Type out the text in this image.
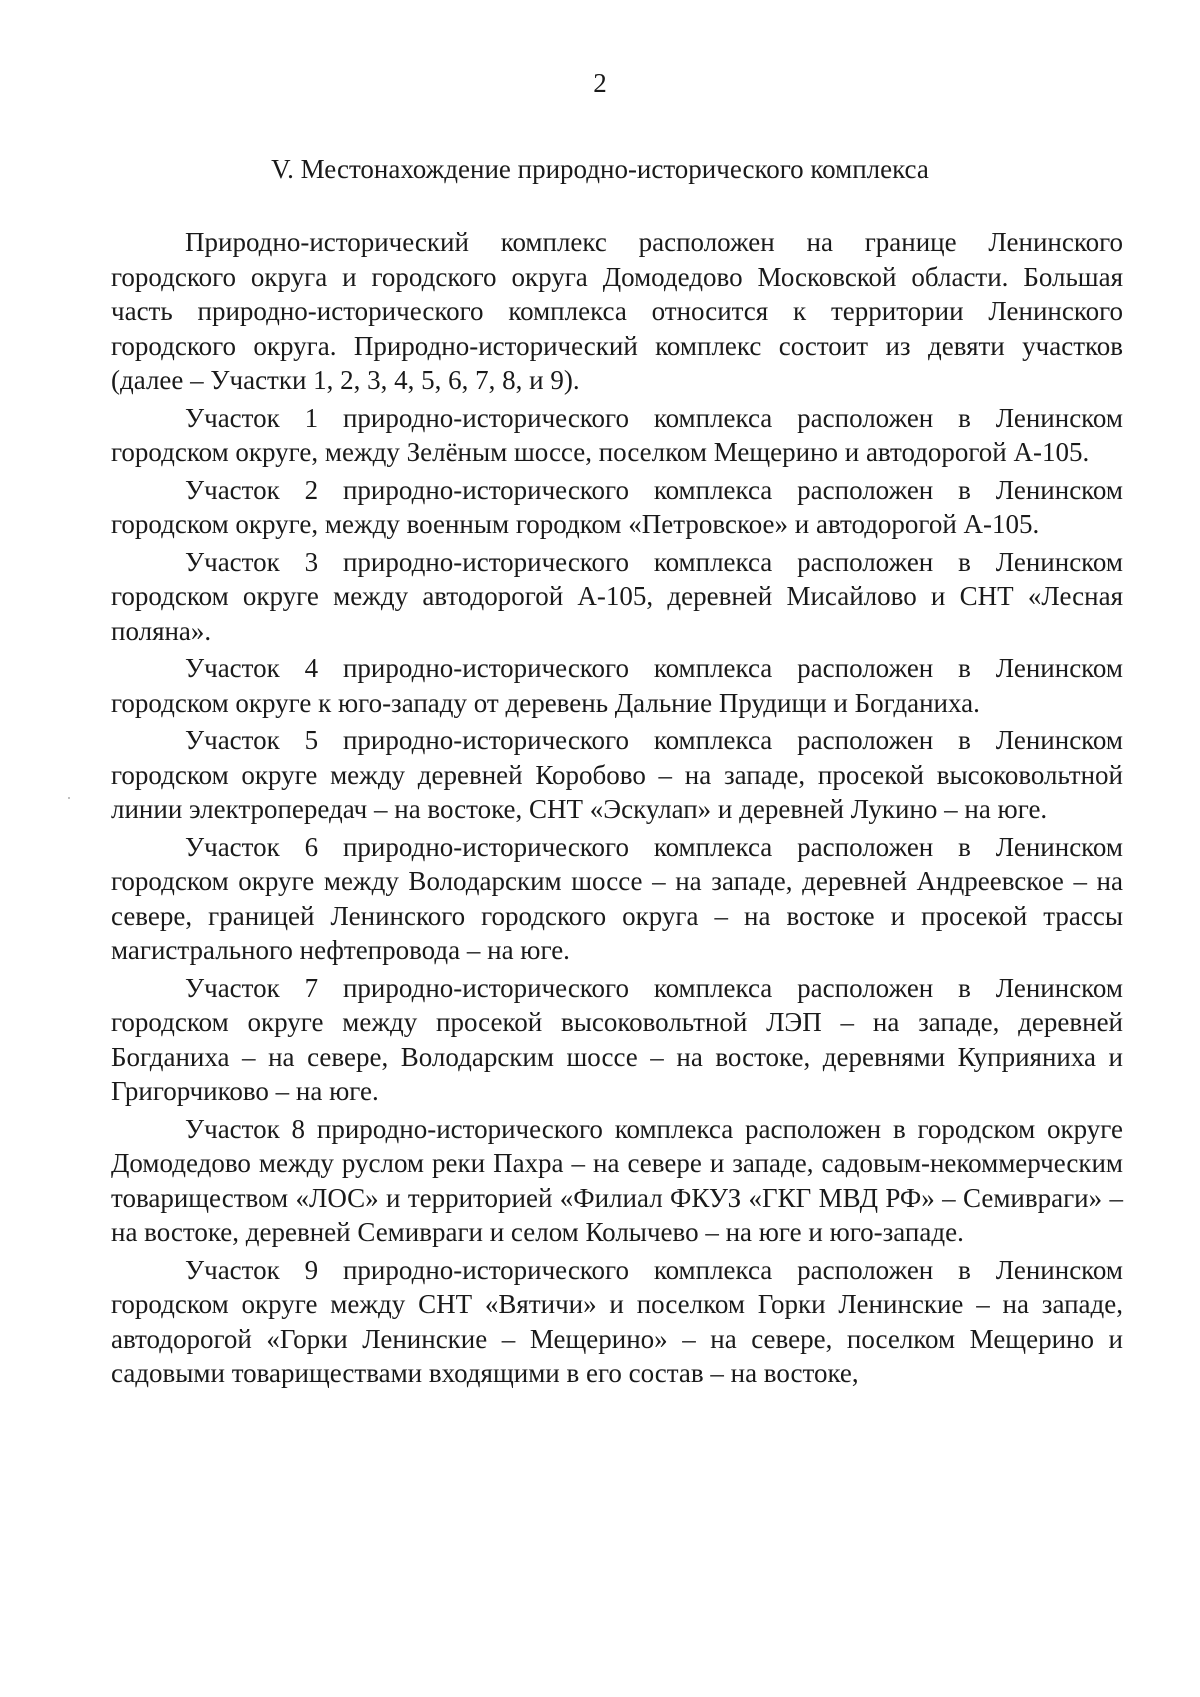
2
V. Местонахождение природно-исторического комплекса

Природно-исторический комплекс расположен на границе Ленинского городского округа и городского округа Домодедово Московской области. Большая часть природно-исторического комплекса относится к территории Ленинского городского округа. Природно-исторический комплекс состоит из девяти участков (далее – Участки 1, 2, 3, 4, 5, 6, 7, 8, и 9).

Участок 1 природно-исторического комплекса расположен в Ленинском городском округе, между Зелёным шоссе, поселком Мещерино и автодорогой А-105.

Участок 2 природно-исторического комплекса расположен в Ленинском городском округе, между военным городком «Петровское» и автодорогой А-105.

Участок 3 природно-исторического комплекса расположен в Ленинском городском округе между автодорогой А-105, деревней Мисайлово и СНТ «Лесная поляна».

Участок 4 природно-исторического комплекса расположен в Ленинском городском округе к юго-западу от деревень Дальние Прудищи и Богданиха.

Участок 5 природно-исторического комплекса расположен в Ленинском городском округе между деревней Коробово – на западе, просекой высоковольтной линии электропередач – на востоке, СНТ «Эскулап» и деревней Лукино – на юге.

Участок 6 природно-исторического комплекса расположен в Ленинском городском округе между Володарским шоссе – на западе, деревней Андреевское – на севере, границей Ленинского городского округа – на востоке и просекой трассы магистрального нефтепровода – на юге.

Участок 7 природно-исторического комплекса расположен в Ленинском городском округе между просекой высоковольтной ЛЭП – на западе, деревней Богданиха – на севере, Володарским шоссе – на востоке, деревнями Куприяниха и Григорчиково – на юге.

Участок 8 природно-исторического комплекса расположен в городском округе Домодедово между руслом реки Пахра – на севере и западе, садовым-некоммерческим товариществом «ЛОС» и территорией «Филиал ФКУЗ «ГКГ МВД РФ» – Семивраги» – на востоке, деревней Семивраги и селом Колычево – на юге и юго-западе.

Участок 9 природно-исторического комплекса расположен в Ленинском городском округе между СНТ «Вятичи» и поселком Горки Ленинские – на западе, автодорогой «Горки Ленинские – Мещерино» – на севере, поселком Мещерино и садовыми товариществами входящими в его состав – на востоке,
